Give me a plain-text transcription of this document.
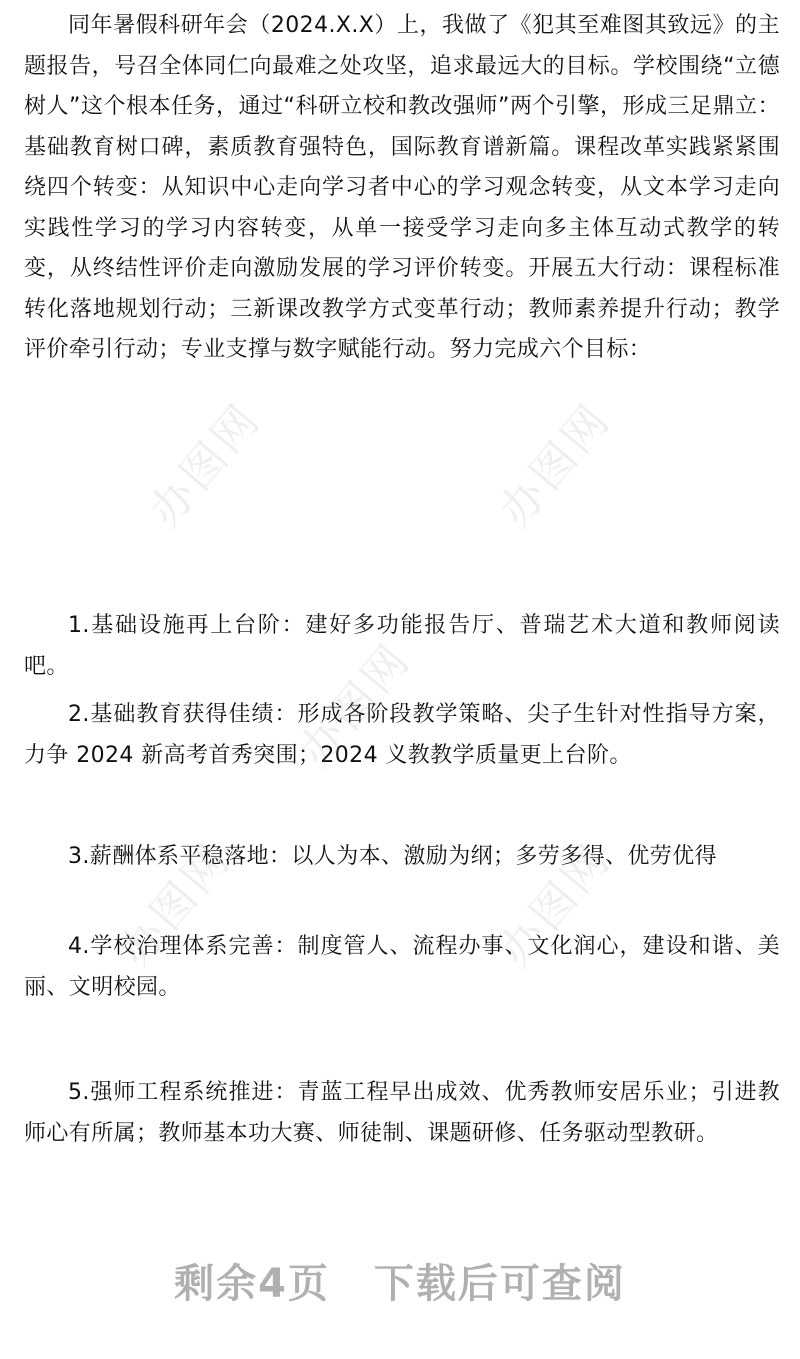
同年暑假科研年会（2024.X.X）上，我做了《犯其至难图其致远》的主题报告，号召全体同仁向最难之处攻坚，追求最远大的目标。学校围绕“立德树人”这个根本任务，通过“科研立校和教改强师”两个引擎，形成三足鼎立：基础教育树口碑，素质教育强特色，国际教育谱新篇。课程改革实践紧紧围绕四个转变：从知识中心走向学习者中心的学习观念转变，从文本学习走向实践性学习的学习内容转变，从单一接受学习走向多主体互动式教学的转变，从终结性评价走向激励发展的学习评价转变。开展五大行动：课程标准转化落地规划行动；三新课改教学方式变革行动；教师素养提升行动；教学评价牵引行动；专业支撑与数字赋能行动。努力完成六个目标：

1.基础设施再上台阶：建好多功能报告厅、普瑞艺术大道和教师阅读吧。

2.基础教育获得佳绩：形成各阶段教学策略、尖子生针对性指导方案，力争 2024 新高考首秀突围；2024 义教教学质量更上台阶。

3.薪酬体系平稳落地：以人为本、激励为纲；多劳多得、优劳优得

4.学校治理体系完善：制度管人、流程办事、文化润心，建设和谐、美丽、文明校园。

5.强师工程系统推进：青蓝工程早出成效、优秀教师安居乐业；引进教师心有所属；教师基本功大赛、师徒制、课题研修、任务驱动型教研。

办图网	办图网
办图网
办图网	办图网
剩余4页 下载后可查阅
